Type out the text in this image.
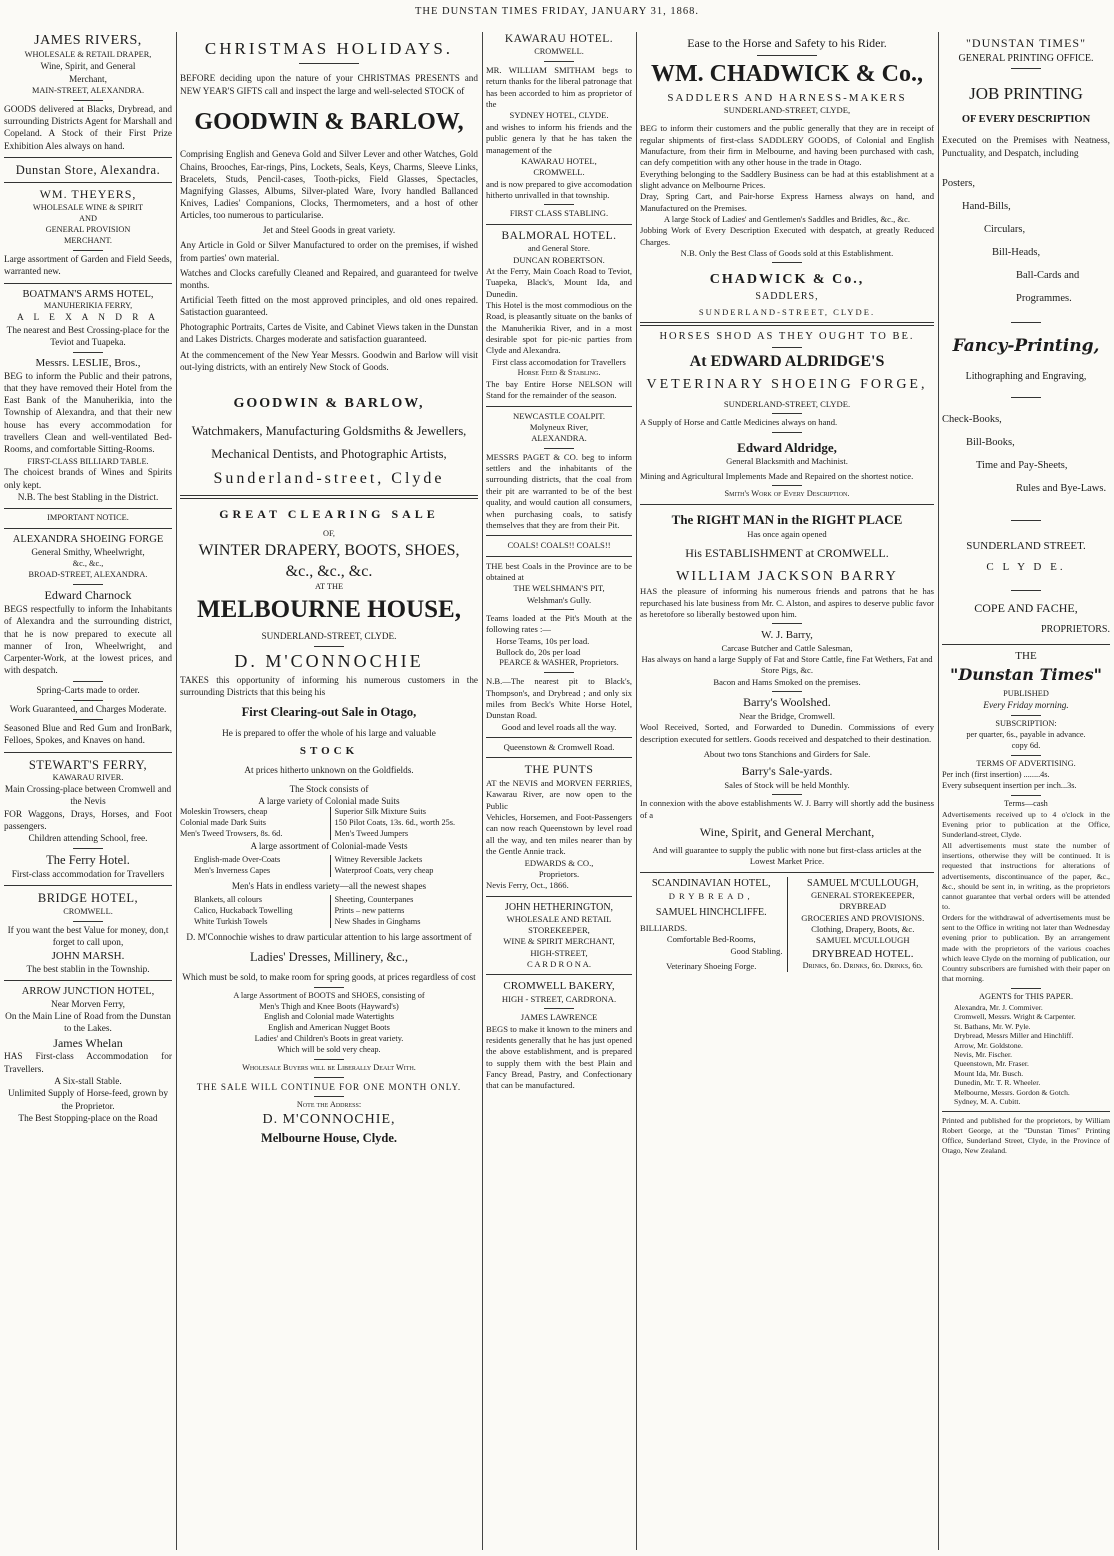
THE DUNSTAN TIMES FRIDAY, JANUARY 31, 1868.
JAMES RIVERS,
WHOLESALE & RETAIL DRAPER,
Wine, Spirit, and General
Merchant,
MAIN-STREET, ALEXANDRA.
GOODS delivered at Blacks, Drybread, and surrounding Districts Agent for Marshall and Copeland. A Stock of their First Prize Exhibition Ales always on hand.
Dunstan Store, Alexandra.
WM. THEYERS,
WHOLESALE WINE & SPIRIT
AND
GENERAL PROVISION
MERCHANT.
Large assortment of Garden and Field Seeds, warranted new.
BOATMAN'S ARMS HOTEL,
MANUHERIKIA FERRY,
A L E X A N D R A
The nearest and Best Crossing-place for the Teviot and Tuapeka.
Messrs. LESLIE, Bros.,
BEG to inform the Public and their patrons, that they have removed their Hotel from the East Bank of the Manuherikia, into the Township of Alexandra, and that their new house has every accommodation for travellers Clean and well-ventilated Bed-Rooms, and comfortable Sitting-Rooms.
FIRST-CLASS BILLIARD TABLE.
The choicest brands of Wines and Spirits only kept.
N.B. The best Stabling in the District.
IMPORTANT NOTICE.
ALEXANDRA SHOEING FORGE
General Smithy, Wheelwright,
&c., &c.,
BROAD-STREET, ALEXANDRA.
Edward Charnock
BEGS respectfully to inform the Inhabitants of Alexandra and the surrounding district, that he is now prepared to execute all manner of Iron, Wheelwright, and Carpenter-Work, at the lowest prices, and with despatch.
Spring-Carts made to order.
Work Guaranteed, and Charges Moderate.
Seasoned Blue and Red Gum and IronBark, Felloes, Spokes, and Knaves on hand.
STEWART'S FERRY,
KAWARAU RIVER.
Main Crossing-place between Cromwell and the Nevis
FOR Waggons, Drays, Horses, and Foot passengers.
Children attending School, free.
The Ferry Hotel.
First-class accommodation for Travellers
BRIDGE HOTEL,
CROMWELL.
If you want the best Value for money, don,t forget to call upon,
JOHN MARSH.
The best stablin in the Township.
ARROW JUNCTION HOTEL,
Near Morven Ferry,
On the Main Line of Road from the Dunstan to the Lakes.
James Whelan
HAS First-class Accommodation for Travellers.
A Six-stall Stable.
Unlimited Supply of Horse-feed, grown by the Proprietor.
The Best Stopping-place on the Road
CHRISTMAS HOLIDAYS.
BEFORE deciding upon the nature of your CHRISTMAS PRESENTS and NEW YEAR'S GIFTS call and inspect the large and well-selected STOCK of
GOODWIN & BARLOW,
Comprising English and Geneva Gold and Silver Lever and other Watches, Gold Chains, Brooches, Ear-rings, Pins, Lockets, Seals, Keys, Charms, Sleeve Links, Bracelets, Studs, Pencil-cases, Tooth-picks, Field Glasses, Spectacles, Magnifying Glasses, Albums, Silver-plated Ware, Ivory handled Ballanced Knives, Ladies' Companions, Clocks, Thermometers, and a host of other Articles, too numerous to particularise.
Jet and Steel Goods in great variety.
Any Article in Gold or Silver Manufactured to order on the premises, if wished from parties' own material.
Watches and Clocks carefully Cleaned and Repaired, and guaranteed for twelve months.
Artificial Teeth fitted on the most approved principles, and old ones repaired. Satistaction guaranteed.
Photographic Portraits, Cartes de Visite, and Cabinet Views taken in the Dunstan and Lakes Districts. Charges moderate and satisfaction guaranteed.
At the commencement of the New Year Messrs. Goodwin and Barlow will visit out-lying districts, with an entirely New Stock of Goods.
GOODWIN & BARLOW,
Watchmakers, Manufacturing Goldsmiths & Jewellers,
Mechanical Dentists, and Photographic Artists,
Sunderland-street, Clyde
GREAT CLEARING SALE
OF,
WINTER DRAPERY, BOOTS, SHOES,
&c., &c., &c.
AT THE
MELBOURNE HOUSE,
SUNDERLAND-STREET, CLYDE.
D. M'CONNOCHIE
TAKES this opportunity of informing his numerous customers in the surrounding Districts that this being his
First Clearing-out Sale in Otago,
He is prepared to offer the whole of his large and valuable
STOCK
At prices hitherto unknown on the Goldfields.
The Stock consists of
A large variety of Colonial made Suits
Moleskin Trowsers, cheap
Colonial made Dark Suits
Men's Tweed Trowsers, 8s. 6d.
Superior Silk Mixture Suits
150 Pilot Coats, 13s. 6d., worth 25s.
Men's Tweed Jumpers
A large assortment of Colonial-made Vests
English-made Over-Coats
Men's Inverness Capes
Witney Reversible Jackets
Waterproof Coats, very cheap
Men's Hats in endless variety—all the newest shapes
Blankets, all colours
Calico, Huckaback Towelling
White Turkish Towels
Sheeting, Counterpanes
Prints – new patterns
New Shades in Ginghams
D. M'Connochie wishes to draw particular attention to his large assortment of
Ladies' Dresses, Millinery, &c.,
Which must be sold, to make room for spring goods, at prices regardless of cost
A large Assortment of BOOTS and SHOES, consisting of
Men's Thigh and Knee Boots (Hayward's)
English and Colonial made Watertights
English and American Nugget Boots
Ladies' and Children's Boots in great variety.
Which will be sold very cheap.
Wholesale Buyers will be Liberally Dealt With.
THE SALE WILL CONTINUE FOR ONE MONTH ONLY.
Note the Address:
D. M'CONNOCHIE,
Melbourne House, Clyde.
KAWARAU HOTEL.
CROMWELL.
MR. WILLIAM SMITHAM begs to return thanks for the liberal patronage that has been accorded to him as proprietor of the
SYDNEY HOTEL, CLYDE.
and wishes to inform his friends and the public genera ly that he has taken the management of the
KAWARAU HOTEL,
CROMWELL.
and is now prepared to give accomodation hitherto unrivalled in that township.
FIRST CLASS STABLING.
BALMORAL HOTEL.
and General Store.
DUNCAN ROBERTSON.
At the Ferry, Main Coach Road to Teviot, Tuapeka, Black's, Mount Ida, and Dunedin.
This Hotel is the most commodious on the Road, is pleasantly situate on the banks of the Manuherikia River, and in a most desirable spot for pic-nic parties from Clyde and Alexandra.
First class accomodation for Travellers
Horse Feed & Stabling.
The bay Entire Horse NELSON will Stand for the remainder of the season.
NEWCASTLE COALPIT.
Molyneux River,
ALEXANDRA.
MESSRS PAGET & CO. beg to inform settlers and the inhabitants of the surrounding districts, that the coal from their pit are warranted to be of the best quality, and would caution all consumers, when purchasing coals, to satisfy themselves that they are from their Pit.
COALS! COALS!! COALS!!
THE best Coals in the Province are to be obtained at
THE WELSHMAN'S PIT,
Welshman's Gully.
Teams loaded at the Pit's Mouth at the following rates :—
Horse Teams, 10s per load.
Bullock do, 20s per load
PEARCE & WASHER, Proprietors.
N.B.—The nearest pit to Black's, Thompson's, and Drybread ; and only six miles from Beck's White Horse Hotel, Dunstan Road.
Good and level roads all the way.
Queenstown & Cromwell Road.
THE PUNTS
AT the NEVIS and MORVEN FERRIES, Kawarau River, are now open to the Public
Vehicles, Horsemen, and Foot-Passengers can now reach Queenstown by level road all the way, and ten miles nearer than by the Gentle Annie track.
EDWARDS & CO.,
Proprietors.
Nevis Ferry, Oct., 1866.
JOHN HETHERINGTON,
WHOLESALE AND RETAIL
STOREKEEPER,
WINE & SPIRIT MERCHANT,
HIGH-STREET,
C A R D R O N A.
CROMWELL BAKERY,
HIGH - STREET, CARDRONA.
JAMES LAWRENCE
BEGS to make it known to the miners and residents generally that he has just opened the above establishment, and is prepared to supply them with the best Plain and Fancy Bread, Pastry, and Confectionary that can be manufactured.
Ease to the Horse and Safety to his Rider.
WM. CHADWICK & Co.,
SADDLERS AND HARNESS-MAKERS
SUNDERLAND-STREET, CLYDE,
BEG to inform their customers and the public generally that they are in receipt of regular shipments of first-class SADDLERY GOODS, of Colonial and English Manufacture, from their firm in Melbourne, and having been purchased with cash, can defy competition with any other house in the trade in Otago.
Everything belonging to the Saddlery Business can be had at this establishment at a slight advance on Melbourne Prices.
Dray, Spring Cart, and Pair-horse Express Harness always on hand, and Manufactured on the Premises.
A large Stock of Ladies' and Gentlemen's Saddles and Bridles, &c., &c.
Jobbing Work of Every Description Executed with despatch, at greatly Reduced Charges.
N.B. Only the Best Class of Goods sold at this Establishment.
CHADWICK & Co.,
SADDLERS,
SUNDERLAND-STREET, CLYDE.
HORSES SHOD AS THEY OUGHT TO BE.
At EDWARD ALDRIDGE'S
VETERINARY SHOEING FORGE,
SUNDERLAND-STREET, CLYDE.
A Supply of Horse and Cattle Medicines always on hand.
Edward Aldridge,
General Blacksmith and Machinist.
Mining and Agricultural Implements Made and Repaired on the shortest notice.
Smith's Work of Every Description.
The RIGHT MAN in the RIGHT PLACE
Has once again opened
His ESTABLISHMENT at CROMWELL.
WILLIAM JACKSON BARRY
HAS the pleasure of informing his numerous friends and patrons that he has repurchased his late business from Mr. C. Alston, and aspires to deserve public favor as heretofore so liberally bestowed upon him.
W. J. Barry,
Carcase Butcher and Cattle Salesman,
Has always on hand a large Supply of Fat and Store Cattle, fine Fat Wethers, Fat and Store Pigs, &c.
Bacon and Hams Smoked on the premises.
Barry's Woolshed.
Near the Bridge, Cromwell.
Wool Received, Sorted, and Forwarded to Dunedin. Commissions of every description executed for settlers. Goods received and despatched to their destination.
About two tons Stanchions and Girders for Sale.
Barry's Sale-yards.
Sales of Stock will be held Monthly.
In connexion with the above establishments W. J. Barry will shortly add the business of a
Wine, Spirit, and General Merchant,
And will guarantee to supply the public with none but first-class articles at the Lowest Market Price.
SCANDINAVIAN HOTEL,
DRYBREAD,
SAMUEL HINCHCLIFFE.
BILLIARDS.
Comfortable Bed-Rooms,
Good Stabling.
Veterinary Shoeing Forge.
SAMUEL M'CULLOUGH,
GENERAL STOREKEEPER,
DRYBREAD
GROCERIES AND PROVISIONS.
Clothing, Drapery, Boots, &c.
SAMUEL M'CULLOUGH
DRYBREAD HOTEL.
Drinks, 6d. Drinks, 6d. Drinks, 6d.
"DUNSTAN TIMES"
GENERAL PRINTING OFFICE.
JOB PRINTING
OF EVERY DESCRIPTION
Executed on the Premises with Neatness, Punctuality, and Despatch, including
Posters,
Hand-Bills,
Circulars,
Bill-Heads,
Ball-Cards and
Programmes.
Fancy-Printing,
Lithographing and Engraving,
Check-Books,
Bill-Books,
Time and Pay-Sheets,
Rules and Bye-Laws.
SUNDERLAND STREET.
C L Y D E.
COPE AND FACHE,
PROPRIETORS.
THE
"Dunstan Times"
PUBLISHED
Every Friday morning.
SUBSCRIPTION:
per quarter, 6s., payable in advance.
copy 6d.
TERMS OF ADVERTISING.
Per inch (first insertion) ........4s.
Every subsequent insertion per inch...3s.
Terms—cash
Advertisements received up to 4 o'clock in the Evening prior to publication at the Office, Sunderland-street, Clyde.
All advertisements must state the number of insertions, otherwise they will be continued. It is requested that instructions for alterations of advertisements, discontinuance of the paper, &c., &c., should be sent in, in writing, as the proprietors cannot guarantee that verbal orders will be attended to.
Orders for the withdrawal of advertisements must be sent to the Office in writing not later than Wednesday evening prior to publication. By an arrangement made with the proprietors of the various coaches which leave Clyde on the morning of publication, our Country subscribers are furnished with their paper on that morning.
AGENTS for THIS PAPER.
Alexandra, Mr. J. Commiver.
Cromwell, Messrs. Wright & Carpenter.
St. Bathans, Mr. W. Pyle.
Drybread, Messrs Miller and Hinchliff.
Arrow, Mr. Goldstone.
Nevis, Mr. Fischer.
Queenstown, Mr. Fraser.
Mount Ida, Mr. Busch.
Dunedin, Mr. T. R. Wheeler.
Melbourne, Messrs. Gordon & Gotch.
Sydney, M. A. Cubitt.
Printed and published for the proprietors, by William Robert George, at the "Dunstan Times" Printing Office, Sunderland Street, Clyde, in the Province of Otago, New Zealand.
